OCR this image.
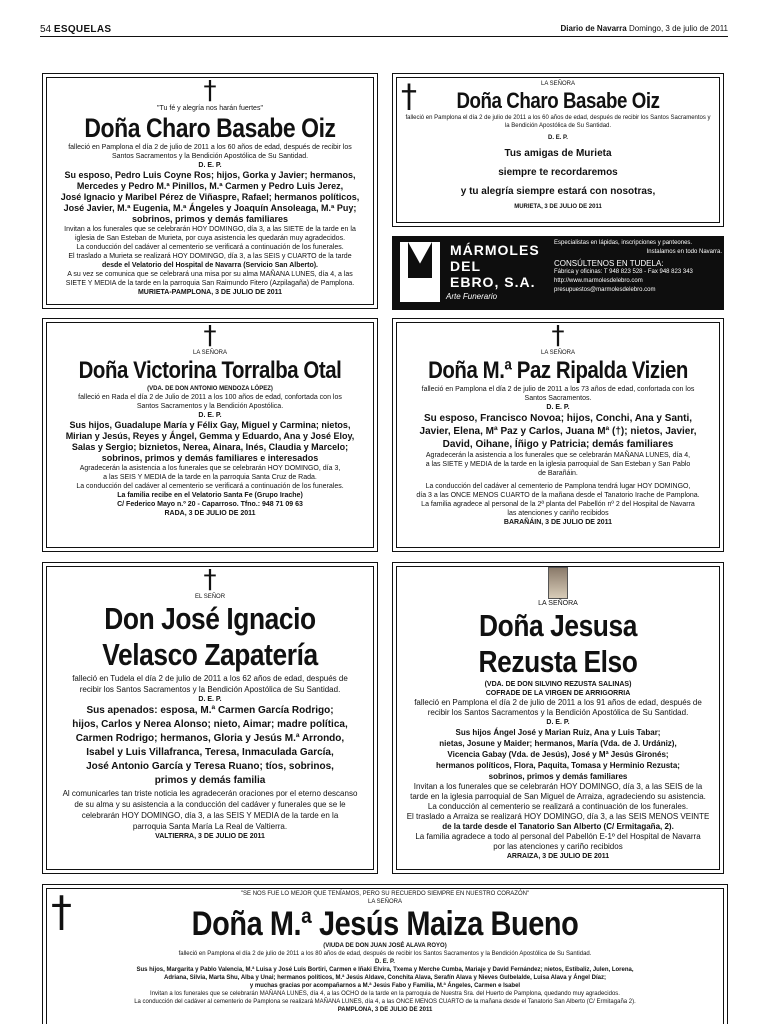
54 ESQUELAS	Diario de Navarra Domingo, 3 de julio de 2011
†
"Tu fé y alegría nos harán fuertes"
Doña Charo Basabe Oiz
falleció en Pamplona el día 2 de julio de 2011 a los 60 años de edad, después de recibir los
Santos Sacramentos y la Bendición Apostólica de Su Santidad.
D. E. P.
Su esposo, Pedro Luis Coyne Ros; hijos, Gorka y Javier; hermanos,
Mercedes y Pedro M.ª Pinillos, M.ª Carmen y Pedro Luis Jerez,
José Ignacio y Maribel Pérez de Viñaspre, Rafael; hermanos políticos,
José Javier, M.ª Eugenia, M.ª Ángeles y Joaquín Ansoleaga, M.ª Puy;
sobrinos, primos y demás familiares
Invitan a los funerales que se celebrarán HOY DOMINGO, día 3, a las SIETE de la tarde en la
iglesia de San Esteban de Murieta, por cuya asistencia les quedarán muy agradecidos.
La conducción del cadáver al cementerio se verificará a continuación de los funerales.
El traslado a Murieta se realizará HOY DOMINGO, día 3, a las SEIS y CUARTO de la tarde
desde el Velatorio del Hospital de Navarra (Servicio San Alberto).
A su vez se comunica que se celebrará una misa por su alma MAÑANA LUNES, día 4, a las
SIETE Y MEDIA de la tarde en la parroquia San Raimundo Fitero (Azpilagaña) de Pamplona.
MURIETA-PAMPLONA, 3 DE JULIO DE 2011
†	LA SEÑORA
Doña Charo Basabe Oiz
falleció en Pamplona el día 2 de julio de 2011 a los 60 años de edad, después de recibir los Santos Sacramentos y
la Bendición Apostólica de Su Santidad.
D. E. P.
Tus amigas de Murieta
siempre te recordaremos
y tu alegría siempre estará con nosotras,
MURIETA, 3 DE JULIO DE 2011
MÁRMOLES
DEL
EBRO, S.A.
Arte Funerario
Especialistas en lápidas, inscripciones y panteones.
Instalamos en todo Navarra.
CONSÚLTENOS EN TUDELA:
Fábrica y oficinas: T 948 823 528 - Fax 948 823 343
http://www.marmolesdelebro.com
presupuestos@marmolesdelebro.com
†
LA SEÑORA
Doña Victorina Torralba Otal
(VDA. DE DON ANTONIO MENDOZA LÓPEZ)
falleció en Rada el día 2 de Julio de 2011 a los 100 años de edad, confortada con los
Santos Sacramentos y la Bendición Apostólica.
D. E. P.
Sus hijos, Guadalupe María y Félix Gay, Miguel y Carmina; nietos,
Mirian y Jesús, Reyes y Ángel, Gemma y Eduardo, Ana y José Eloy,
Salas y Sergio; biznietos, Nerea, Ainara, Inés, Claudia y Marcelo;
sobrinos, primos y demás familiares e interesados
Agradecerán la asistencia a los funerales que se celebrarán HOY DOMINGO, día 3,
a las SEIS Y MEDIA de la tarde en la parroquia Santa Cruz de Rada.
La conducción del cadáver al cementerio se verificará a continuación de los funerales.
La familia recibe en el Velatorio Santa Fe (Grupo Irache)
C/ Federico Mayo n.º 20 - Caparroso. Tfno.: 948 71 09 63
RADA, 3 DE JULIO DE 2011
†
LA SEÑORA
Doña M.ª Paz Ripalda Vizien
falleció en Pamplona el día 2 de julio de 2011 a los 73 años de edad, confortada con los
Santos Sacramentos.
D. E. P.
Su esposo, Francisco Novoa; hijos, Conchi, Ana y Santi,
Javier, Elena, Mª Paz y Carlos, Juana Mª (†); nietos, Javier,
David, Oihane, Íñigo y Patricia; demás familiares
Agradecerán la asistencia a los funerales que se celebrarán MAÑANA LUNES, día 4,
a las SIETE y MEDIA de la tarde en la iglesia parroquial de San Esteban y San Pablo
de Barañáin.
La conducción del cadáver al cementerio de Pamplona tendrá lugar HOY DOMINGO,
día 3 a las ONCE MENOS CUARTO de la mañana desde el Tanatorio Irache de Pamplona.
La familia agradece al personal de la 2ª planta del Pabellón nº 2 del Hospital de Navarra
las atenciones y cariño recibidos
BARAÑÁIN, 3 DE JULIO DE 2011
†
EL SEÑOR
Don José Ignacio
Velasco Zapatería
falleció en Tudela el día 2 de julio de 2011 a los 62 años de edad, después de
recibir los Santos Sacramentos y la Bendición Apostólica de Su Santidad.
D. E. P.
Sus apenados: esposa, M.ª Carmen García Rodrigo;
hijos, Carlos y Nerea Alonso; nieto, Aimar; madre política,
Carmen Rodrigo; hermanos, Gloria y Jesús M.ª Arrondo,
Isabel y Luis Villafranca, Teresa, Inmaculada García,
José Antonio García y Teresa Ruano; tíos, sobrinos,
primos y demás familia
Al comunicarles tan triste noticia les agradecerán oraciones por el eterno descanso
de su alma y su asistencia a la conducción del cadáver y funerales que se le
celebrarán HOY DOMINGO, día 3, a las SEIS Y MEDIA de la tarde en la
parroquia Santa María La Real de Valtierra.
VALTIERRA, 3 DE JULIO DE 2011
LA SEÑORA
Doña Jesusa
Rezusta Elso
(VDA. DE DON SILVINO REZUSTA SALINAS)
COFRADE DE LA VIRGEN DE ARRIGORRIA
falleció en Pamplona el día 2 de julio de 2011 a los 91 años de edad, después de
recibir los Santos Sacramentos y la Bendición Apostólica de Su Santidad.
D. E. P.
Sus hijos Ángel José y Marian Ruiz, Ana y Luis Tabar;
nietas, Josune y Maider; hermanos, María (Vda. de J. Urdániz),
Vicencia Gabay (Vda. de Jesús), José y Mª Jesús Gironés;
hermanos políticos, Flora, Paquita, Tomasa y Herminio Rezusta;
sobrinos, primos y demás familiares
Invitan a los funerales que se celebrarán HOY DOMINGO, día 3, a las SEIS de la
tarde en la iglesia parroquial de San Miguel de Arraiza, agradeciendo su asistencia.
La conducción al cementerio se realizará a continuación de los funerales.
El traslado a Arraiza se realizará HOY DOMINGO, día 3, a las SEIS MENOS VEINTE
de la tarde desde el Tanatorio San Alberto (C/ Ermitagaña, 2).
La familia agradece a todo al personal del Pabellón E-1º del Hospital de Navarra
por las atenciones y cariño recibidos
ARRAIZA, 3 DE JULIO DE 2011
†	"SE NOS FUE LO MEJOR QUE TENÍAMOS, PERO SU RECUERDO SIEMPRE EN NUESTRO CORAZÓN"
LA SEÑORA
Doña M.ª Jesús Maiza Bueno
(VIUDA DE DON JUAN JOSÉ ALAVA ROYO)
falleció en Pamplona el día 2 de julio de 2011 a los 80 años de edad, después de recibir los Santos Sacramentos y la Bendición Apostólica de Su Santidad.
D. E. P.
Sus hijos, Margarita y Pablo Valencia, M.ª Luisa y José Luis Bortiri, Carmen e Iñaki Elvira, Txema y Merche Cumba, Mariaje y David Fernández; nietos, Estibaliz, Julen, Lorena,
Adriana, Silvia, Marta Shu, Alba y Unai; hermanos políticos, M.ª Jesús Aldave, Conchita Alava, Serafín Alava y Nieves Gulbelalde, Luisa Alava y Ángel Díaz;
y muchas gracias por acompañarnos a M.ª Jesús Fabo y Familia, M.ª Ángeles, Carmen e Isabel
Invitan a los funerales que se celebrarán MAÑANA LUNES, día 4, a las OCHO de la tarde en la parroquia de Nuestra Sra. del Huerto de Pamplona, quedando muy agradecidos.
La conducción del cadáver al cementerio de Pamplona se realizará MAÑANA LUNES, día 4, a las ONCE MENOS CUARTO de la mañana desde el Tanatorio San Alberto (C/ Ermitagaña 2).
PAMPLONA, 3 DE JULIO DE 2011
